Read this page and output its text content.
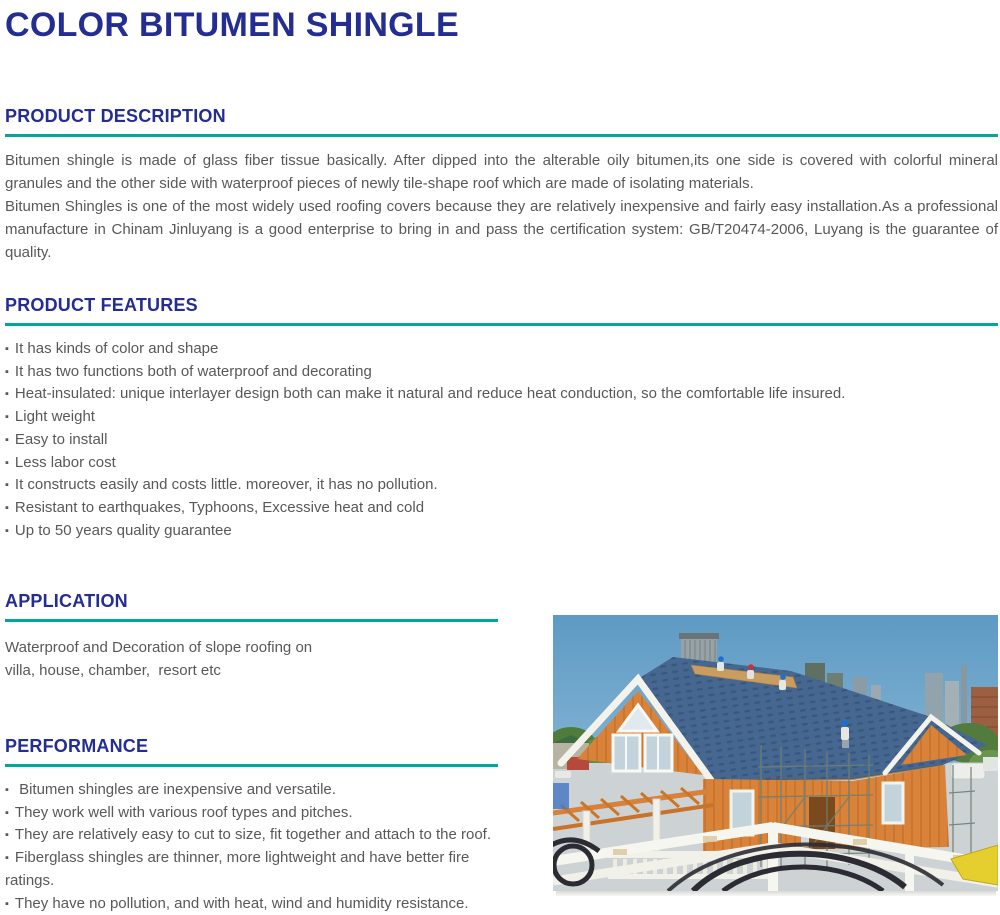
COLOR BITUMEN SHINGLE
PRODUCT DESCRIPTION

Bitumen shingle is made of glass fiber tissue basically. After dipped into the alterable oily bitumen,its one side is covered with colorful mineral granules and the other side with waterproof pieces of newly tile-shape roof which are made of isolating materials.

Bitumen Shingles is one of the most widely used roofing covers because they are relatively inexpensive and fairly easy installation.As a professional manufacture in Chinam Jinluyang is a good enterprise to bring in and pass the certification system: GB/T20474-2006, Luyang is the guarantee of quality.

PRODUCT FEATURES
▪ It has kinds of color and shape
▪ It has two functions both of waterproof and decorating
▪ Heat-insulated: unique interlayer design both can make it natural and reduce heat conduction, so the comfortable life insured.
▪ Light weight
▪ Easy to install
▪ Less labor cost
▪ It constructs easily and costs little. moreover, it has no pollution.
▪ Resistant to earthquakes, Typhoons, Excessive heat and cold
▪ Up to 50 years quality guarantee
APPLICATION

Waterproof and Decoration of slope roofing on

villa, house, chamber,  resort etc

PERFORMANCE
▪ Bitumen shingles are inexpensive and versatile.
▪ They work well with various roof types and pitches.
▪ They are relatively easy to cut to size, fit together and attach to the roof.
▪ Fiberglass shingles are thinner, more lightweight and have better fire ratings.
▪ They have no pollution, and with heat, wind and humidity resistance.
